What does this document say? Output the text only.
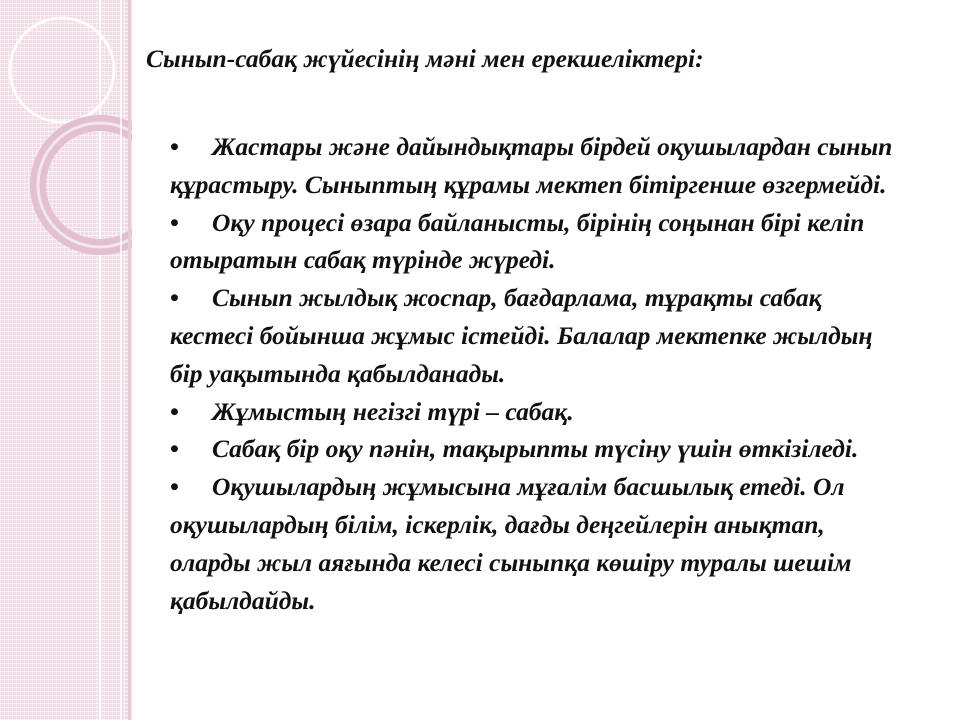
Сынып-сабақ жүйесінің мәні мен ерекшеліктері:
• Жастары және дайындықтары бірдей оқушылардан сынып құрастыру. Сыныптың құрамы мектеп бітіргенше өзгермейді.
• Оқу процесі өзара байланысты, бірінің соңынан бірі келіп отыратын сабақ түрінде жүреді.
• Сынып жылдық жоспар, бағдарлама, тұрақты сабақ кестесі бойынша жұмыс істейді. Балалар мектепке жылдың бір уақытында қабылданады.
• Жұмыстың негізгі түрі – сабақ.
• Сабақ бір оқу пәнін, тақырыпты түсіну үшін өткізіледі.
• Оқушылардың жұмысына мұғалім басшылық етеді. Ол оқушылардың білім, іскерлік, дағды деңгейлерін анықтап, оларды жыл аяғында келесі сыныпқа көшіру туралы шешім қабылдайды.
